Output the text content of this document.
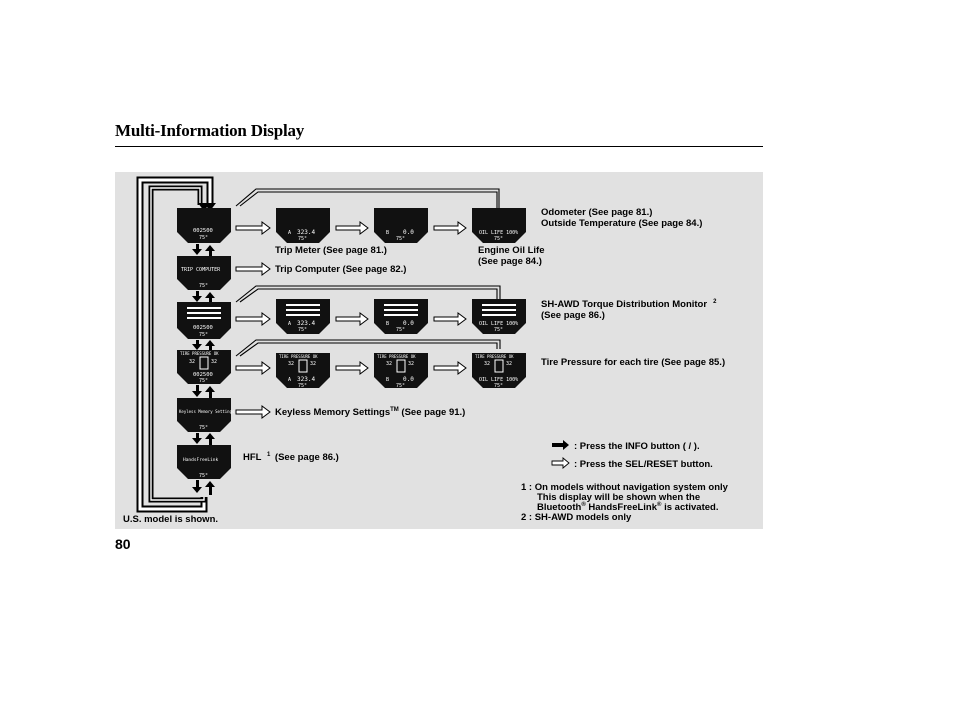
Multi-Information Display
002500
75°
A 323.4
75°
B 0.0
75°
OIL LIFE 100%
75°
TRIP COMPUTER
75°
002500
75°
A 323.4
75°
B 0.0
75°
OIL LIFE 100%
75°
TIRE PRESSURE OK
32	32
002500
75°
TIRE PRESSURE OK
32	32
A 323.4
75°
TIRE PRESSURE OK
32	32
B 0.0
75°
TIRE PRESSURE OK
32	32
OIL LIFE 100%
75°
Keyless Memory Settings
75°
HandsFreeLink
75°
Odometer (See page 81.)
Outside Temperature (See page 84.)
Trip Meter (See page 81.)	Engine Oil Life
(See page 84.)
Trip Computer (See page 82.)
SH-AWD Torque Distribution Monitor $^2$
(See page 86.)
Tire Pressure for each tire (See page 85.)
Keyless Memory Settings™ (See page 91.)
HFL $^1$ (See page 86.)
: Press the INFO button ( / ).
: Press the SEL/RESET button.
1 : On models without navigation system only
This display will be shown when the
Bluetooth® HandsFreeLink® is activated.
2 : SH-AWD models only
U.S. model is shown.
80
